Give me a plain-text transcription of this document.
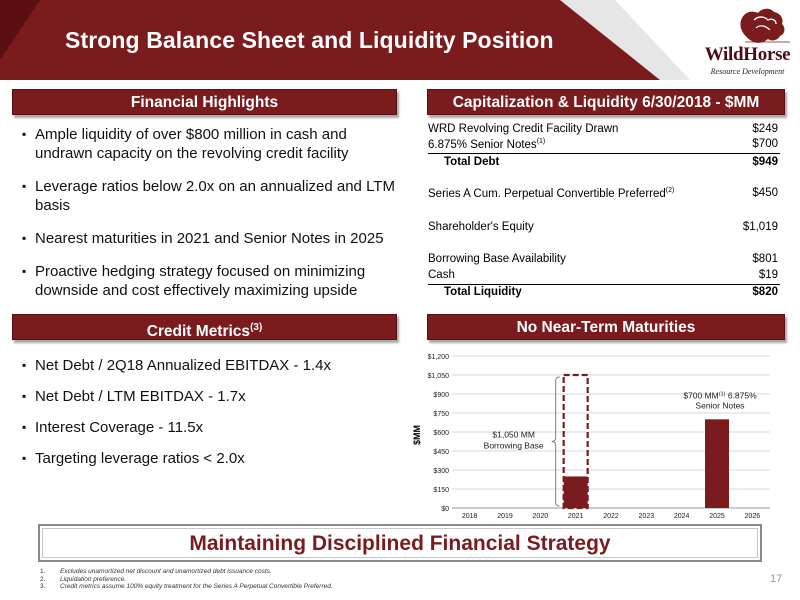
Strong Balance Sheet and Liquidity Position
WildHorse
Resource Development
Financial Highlights
▪ Ample liquidity of over $800 million in cash and undrawn capacity on the revolving credit facility
▪ Leverage ratios below 2.0x on an annualized and LTM basis
▪ Nearest maturities in 2021 and Senior Notes in 2025
▪ Proactive hedging strategy focused on minimizing downside and cost effectively maximizing upside
Credit Metrics$^{(3)}$
▪ Net Debt / 2Q18 Annualized EBITDAX - 1.4x
▪ Net Debt / LTM EBITDAX - 1.7x
▪ Interest Coverage - 11.5x
▪ Targeting leverage ratios < 2.0x
Capitalization & Liquidity 6/30/2018 - $MM
WRD Revolving Credit Facility Drawn	$249
6.875% Senior Notes$^{(1)}$	$700
Total Debt	$949
Series A Cum. Perpetual Convertible Preferred$^{(2)}$	$450
Shareholder's Equity	$1,019
Borrowing Base Availability	$801
Cash	$19
Total Liquidity	$820
No Near-Term Maturities
$0
$150
$300
$450
$600
$750
$900
$1,050
$1,200
2018	2019	2020	2021	2022	2023	2024	2025	2026
$MM	$1,050 MM
Borrowing Base
$700 MM$^{(1)}$ 6.875%
Senior Notes
Maintaining Disciplined Financial Strategy
1. Excludes unamortized net discount and unamortized debt issuance costs.
2. Liquidation preference.
3. Credit metrics assume 100% equity treatment for the Series A Perpetual Convertible Preferred.
17
